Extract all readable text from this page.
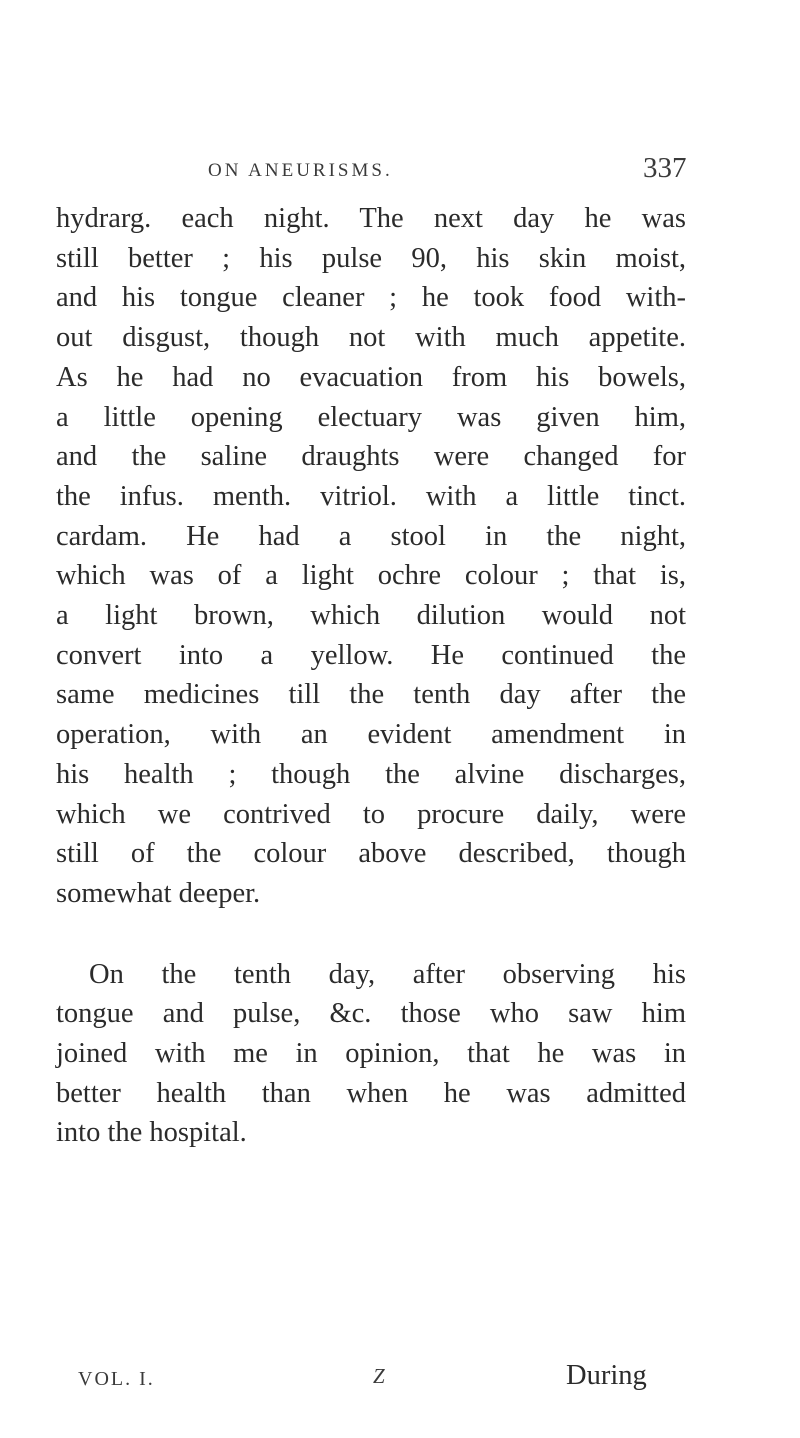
ON ANEURISMS.	337
hydrarg. each night. The next day he was
still better ; his pulse 90, his skin moist,
and his tongue cleaner ; he took food with-
out disgust, though not with much appetite.
As he had no evacuation from his bowels,
a little opening electuary was given him,
and the saline draughts were changed for
the infus. menth. vitriol. with a little tinct.
cardam. He had a stool in the night,
which was of a light ochre colour ; that is,
a light brown, which dilution would not
convert into a yellow. He continued the
same medicines till the tenth day after the
operation, with an evident amendment in
his health ; though the alvine discharges,
which we contrived to procure daily, were
still of the colour above described, though
somewhat deeper.
On the tenth day, after observing his
tongue and pulse, &c. those who saw him
joined with me in opinion, that he was in
better health than when he was admitted
into the hospital.
VOL. I.	Z	During
